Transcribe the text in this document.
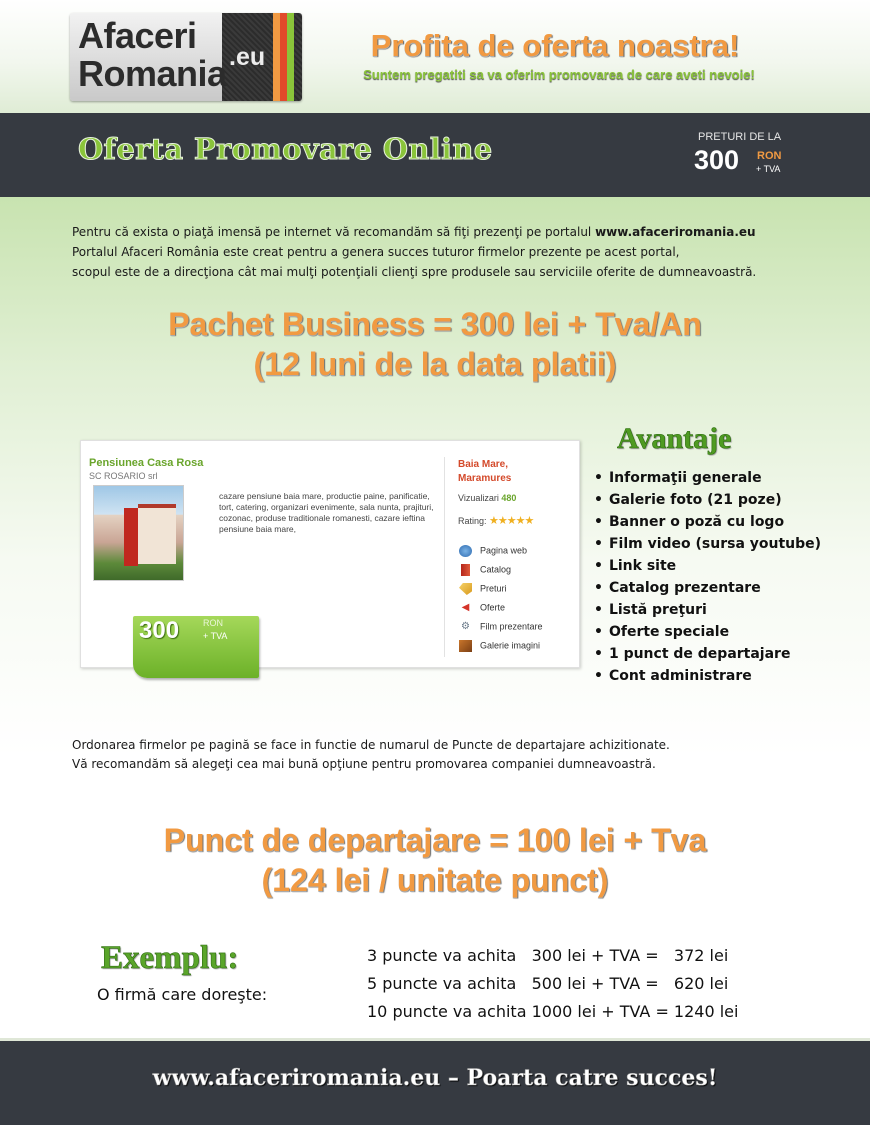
Afaceri
Romania .eu	Profita de oferta noastra!
Suntem pregatiti sa va oferim promovarea de care aveti nevoie!
Oferta Promovare Online	PRETURI DE LA
300 RON
+ TVA

Pentru că exista o piaţă imensă pe internet vă recomandăm să fiţi prezenţi pe portalul www.afaceriromania.eu

Portalul Afaceri România este creat pentru a genera succes tuturor firmelor prezente pe acest portal,

scopul este de a direcţiona cât mai mulţi potenţiali clienţi spre produsele sau serviciile oferite de dumneavoastră.

Pachet Business = 300 lei + Tva/An
(12 luni de la data platii)
Pensiunea Casa Rosa
SC ROSARIO srl
cazare pensiune baia mare, productie paine, panificatie, tort, catering, organizari evenimente, sala nunta, prajituri, cozonac, produse traditionale romanesti, cazare ieftina pensiune baia mare,
Baia Mare,
Maramures
Vizualizari 480
Rating: ★★★★★
Pagina web
Catalog
Preturi
◀ Oferte
⚙ Film prezentare
Galerie imagini
300	RON
+ TVA
Avantaje
• Informaţii generale
• Galerie foto (21 poze)
• Banner o poză cu logo
• Film video (sursa youtube)
• Link site
• Catalog prezentare
• Listă preţuri
• Oferte speciale
• 1 punct de departajare
• Cont administrare

Ordonarea firmelor pe pagină se face in functie de numarul de Puncte de departajare achizitionate.

Vă recomandăm să alegeţi cea mai bună opţiune pentru promovarea companiei dumneavoastră.

Punct de departajare = 100 lei + Tva
(124 lei / unitate punct)
Exemplu:
O firmă care doreşte:

3 puncte va achita   300 lei + TVA =   372 lei

5 puncte va achita   500 lei + TVA =   620 lei

10 puncte va achita 1000 lei + TVA = 1240 lei

www.afaceriromania.eu – Poarta catre succes!
